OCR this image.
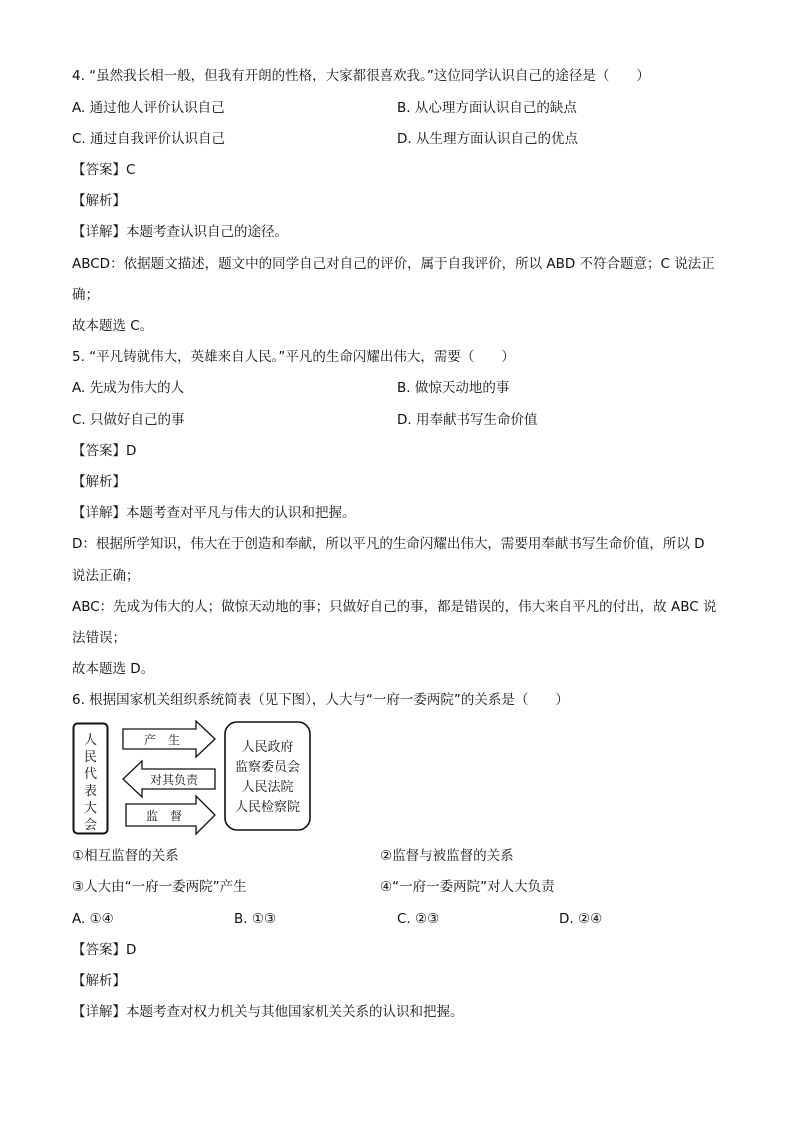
4. “虽然我长相一般，但我有开朗的性格，大家都很喜欢我。”这位同学认识自己的途径是（　　）
A. 通过他人评价认识自己	B. 从心理方面认识自己的缺点
C. 通过自我评价认识自己	D. 从生理方面认识自己的优点
【答案】C
【解析】
【详解】本题考查认识自己的途径。
ABCD：依据题文描述，题文中的同学自己对自己的评价，属于自我评价，所以 ABD 不符合题意；C 说法正
确；
故本题选 C。
5. “平凡铸就伟大，英雄来自人民。”平凡的生命闪耀出伟大，需要（　　）
A. 先成为伟大的人	B. 做惊天动地的事
C. 只做好自己的事	D. 用奉献书写生命价值
【答案】D
【解析】
【详解】本题考查对平凡与伟大的认识和把握。
D：根据所学知识，伟大在于创造和奉献，所以平凡的生命闪耀出伟大，需要用奉献书写生命价值，所以 D
说法正确；
ABC：先成为伟大的人；做惊天动地的事；只做好自己的事，都是错误的，伟大来自平凡的付出，故 ABC 说
法错误；
故本题选 D。
6. 根据国家机关组织系统简表（见下图），人大与“一府一委两院”的关系是（　　）
人
民
代
表
大
会
产　生
对其负责
监　督
人民政府
监察委员会
人民法院
人民检察院
①相互监督的关系	②监督与被监督的关系
③人大由“一府一委两院”产生	④“一府一委两院”对人大负责
A. ①④	B. ①③	C. ②③	D. ②④
【答案】D
【解析】
【详解】本题考查对权力机关与其他国家机关关系的认识和把握。
